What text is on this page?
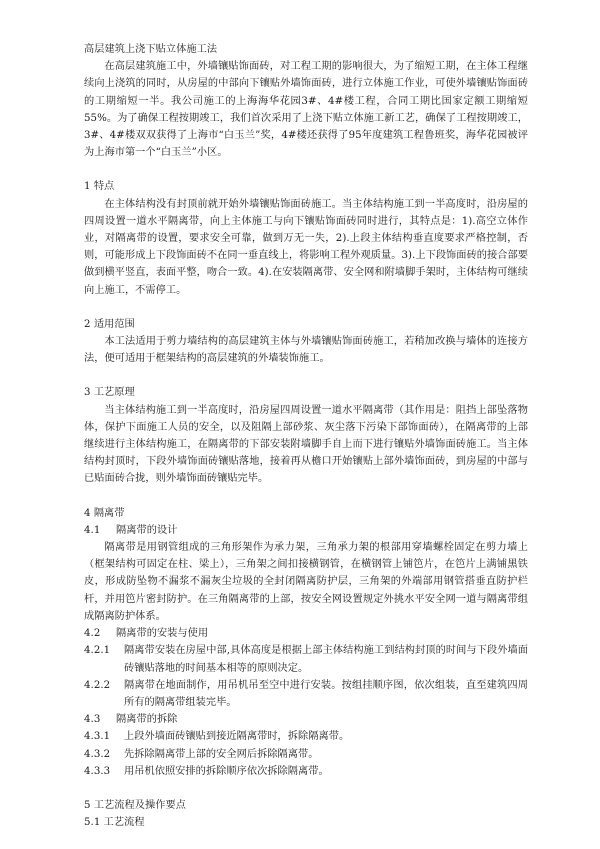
高层建筑上浇下贴立体施工法

在高层建筑施工中，外墙镶贴饰面砖，对工程工期的影响很大，为了缩短工期，在主体工程继续向上浇筑的同时，从房屋的中部向下镶贴外墙饰面砖，进行立体施工作业，可使外墙镶贴饰面砖的工期缩短一半。我公司施工的上海海华花园3#、4#楼工程，合同工期比国家定额工期缩短55%。为了确保工程按期竣工，我们首次采用了上浇下贴立体施工新工艺，确保了工程按期竣工，3#、4#楼双双获得了上海市“白玉兰”奖，4#楼还获得了95年度建筑工程鲁班奖，海华花园被评为上海市第一个“白玉兰”小区。

1 特点

在主体结构没有封顶前就开始外墙镶贴饰面砖施工。当主体结构施工到一半高度时，沿房屋的四周设置一道水平隔离带，向上主体施工与向下镶贴饰面砖同时进行，其特点是：1).高空立体作业，对隔离带的设置，要求安全可靠，做到万无一失，2).上段主体结构垂直度要求严格控制，否则，可能形成上下段饰面砖不在同一垂直线上，将影响工程外观质量。3).上下段饰面砖的接合部要做到横平竖直，表面平整，吻合一致。4).在安装隔离带、安全网和附墙脚手架时，主体结构可继续向上施工，不需停工。

2 适用范围

本工法适用于剪力墙结构的高层建筑主体与外墙镶贴饰面砖施工，若稍加改换与墙体的连接方法，便可适用于框架结构的高层建筑的外墙装饰施工。

3 工艺原理

当主体结构施工到一半高度时，沿房屋四周设置一道水平隔离带（其作用是：阻挡上部坠落物体，保护下面施工人员的安全，以及阻隔上部砂浆、灰尘落下污染下部饰面砖），在隔离带的上部继续进行主体结构施工，在隔离带的下部安装附墙脚手自上而下进行镶贴外墙饰面砖施工。当主体结构封顶时，下段外墙饰面砖镶贴落地，接着再从檐口开始镶贴上部外墙饰面砖，到房屋的中部与已贴面砖合拢，则外墙饰面砖镶贴完毕。

4 隔离带

4.1	隔离带的设计

隔离带是用钢管组成的三角形架作为承力架，三角承力架的根部用穿墙螺栓固定在剪力墙上（框架结构可固定在柱、梁上），三角架之间扣接横钢管，在横钢管上铺笆片，在笆片上满铺黑铁皮，形成防坠物不漏浆不漏灰尘垃圾的全封闭隔离防护层，三角架的外端部用钢管搭垂直防护栏杆，并用笆片密封防护。在三角隔离带的上部，按安全网设置规定外挑水平安全网一道与隔离带组成隔离防护体系。

4.2	隔离带的安装与使用
4.2.1	隔离带安装在房屋中部,具体高度是根据上部主体结构施工到结构封顶的时间与下段外墙面砖镶贴落地的时间基本相等的原则决定。
4.2.2	隔离带在地面制作，用吊机吊至空中进行安装。按组挂顺序图，依次组装，直至建筑四周所有的隔离带组装完毕。
4.3	隔离带的拆除
4.3.1	上段外墙面砖镶贴到接近隔离带时，拆除隔离带。
4.3.2	先拆除隔离带上部的安全网后拆除隔离带。
4.3.3	用吊机依照安排的拆除顺序依次拆除隔离带。

5 工艺流程及操作要点

5.1 工艺流程
